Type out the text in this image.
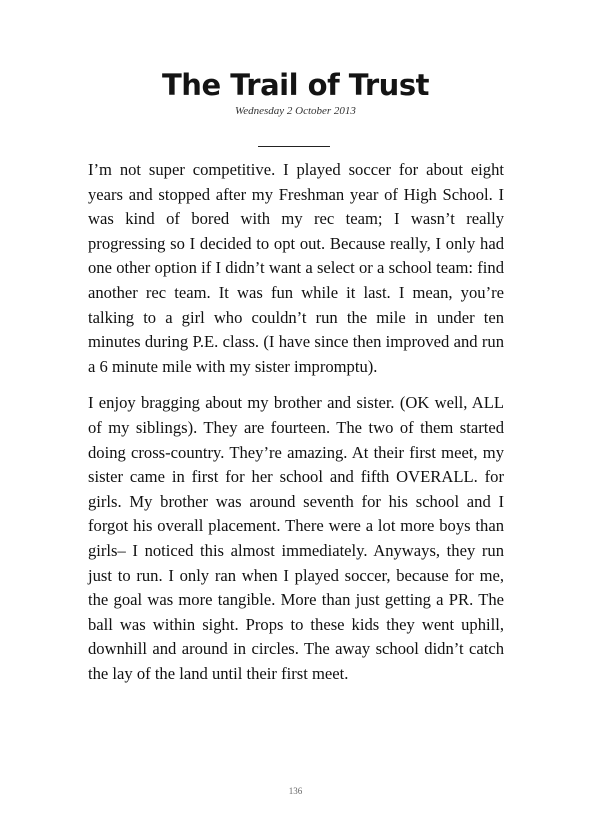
The Trail of Trust
Wednesday 2 October 2013

I’m not super competitive. I played soccer for about eight years and stopped after my Freshman year of High School. I was kind of bored with my rec team; I wasn’t really progressing so I decided to opt out. Because really, I only had one other option if I didn’t want a select or a school team: find another rec team. It was fun while it last. I mean, you’re talking to a girl who couldn’t run the mile in under ten minutes during P.E. class. (I have since then improved and run a 6 minute mile with my sister impromptu).

I enjoy bragging about my brother and sister. (OK well, ALL of my siblings). They are fourteen. The two of them started doing cross-country. They’re amazing. At their first meet, my sister came in first for her school and fifth OVERALL. for girls. My brother was around seventh for his school and I forgot his overall placement. There were a lot more boys than girls– I noticed this almost immediately. Anyways, they run just to run. I only ran when I played soccer, because for me, the goal was more tangible. More than just getting a PR. The ball was within sight. Props to these kids they went uphill, downhill and around in circles. The away school didn’t catch the lay of the land until their first meet.

136
